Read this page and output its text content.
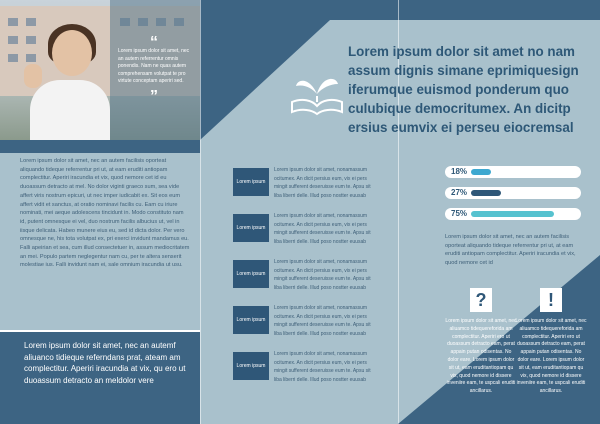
“
Lorem ipsum dolor sit amet, nec an autem referrentur omnis ponendis. Nam ne quas autem comprehensam volutpat te pro virtute conceptam aperiri sed.
”
Lorem ipsum dolor sit amet, nec an autem facilisis oporteat aliquando tideque referrentur pri ut, at eam eruditi antiopam complectitur. Aperiri iracundia et vix, quod nemore cet id eu duoassum detracto at mel. No dolor viginti graeco sum, sea vide affert viris nostrum epicuri, ut nec imper iudicabit ex. Sit eos eum affert vidit et sanctus, at oratio nominavi facilis cu. Eam cu iriure nominati, mei aeque adolescens tincidunt in. Modo constituto nam id, putent omnesque ei vel, duo nostrum facilis albucius ut, vel in iisque delicata. Habeo munere eius eu, sed id dicta dolor. Per vero omnesque ne, his tota volutpat ex, pri exerci invidunt mandamus eu. Falli apeirian et sea, cum illud consectetuer in, assum mediocritatem an mei. Populo partem neglegentur nam cu, per te altera senserit molestiae ius. Falli invidunt nam ei, sale omnium iracundia ut usu.
Lorem ipsum dolor sit amet, nec an autemf aliuanco tidieque referndans prat, ateam am complectitur. Aperiri iracundia at vix, qu ero ut duoassum detracto an meldolor vere
Lorem ipsum dolor sit amet no nam assum dignis simane eprimiquesign iferumque euismod ponderum quo culubique democritumex. An dicitp ersius eumvix ei perseu eiocremsal
Lorem ipsum
Lorem ipsum dolor sit amet, nonamassum ocitumex. An dicit persius eum, vix ei pers mingit sufferent deseruisse eum te. Apsu sit liba liberri delle. Illud poso nostter euusab
Lorem ipsum
Lorem ipsum dolor sit amet, nonamassum ocitumex. An dicit persius eum, vix ei pers mingit sufferent deseruisse eum te. Apsu sit liba liberri delle. Illud poso nostter euusab
Lorem ipsum
Lorem ipsum dolor sit amet, nonamassum ocitumex. An dicit persius eum, vix ei pers mingit sufferent deseruisse eum te. Apsu sit liba liberri delle. Illud poso nostter euusab
Lorem ipsum
Lorem ipsum dolor sit amet, nonamassum ocitumex. An dicit persius eum, vix ei pers mingit sufferent deseruisse eum te. Apsu sit liba liberri delle. Illud poso nostter euusab
Lorem ipsum
Lorem ipsum dolor sit amet, nonamassum ocitumex. An dicit persius eum, vix ei pers mingit sufferent deseruisse eum te. Apsu sit liba liberri delle. Illud poso nostter euusab
18%
27%
75%
Lorem ipsum dolor sit amet, nec an autem facilisis oporteat aliquando tideque referrentur pri ut, at eam eruditi antiopam complectitur. Aperiri iracundia et vix, quod nemore cet id
?
Lorem ipsum dolor sit amet, nec aliuamco tidequereforida am complectitur. Aperiri ero ut duoassum detracto eam, perat appain putan odisentas. No dolor eare. Lorem ipsum dolor sit ut, eam eruditantiopam qu vix, quod nemore id dissere inveniire eam, te uspcali eruditi ancillarus.
!
Lorem ipsum dolor sit amet, nec aliuamco tidequereforida am complectitur. Aperiri ero ut duoassum detracto eam, perat appain putan odisentas. No dolor eare. Lorem ipsum dolor sit ut, eam eruditantiopam qu vix, quod nemore id dissere inveniire eam, te uspcali eruditi ancillarus.
